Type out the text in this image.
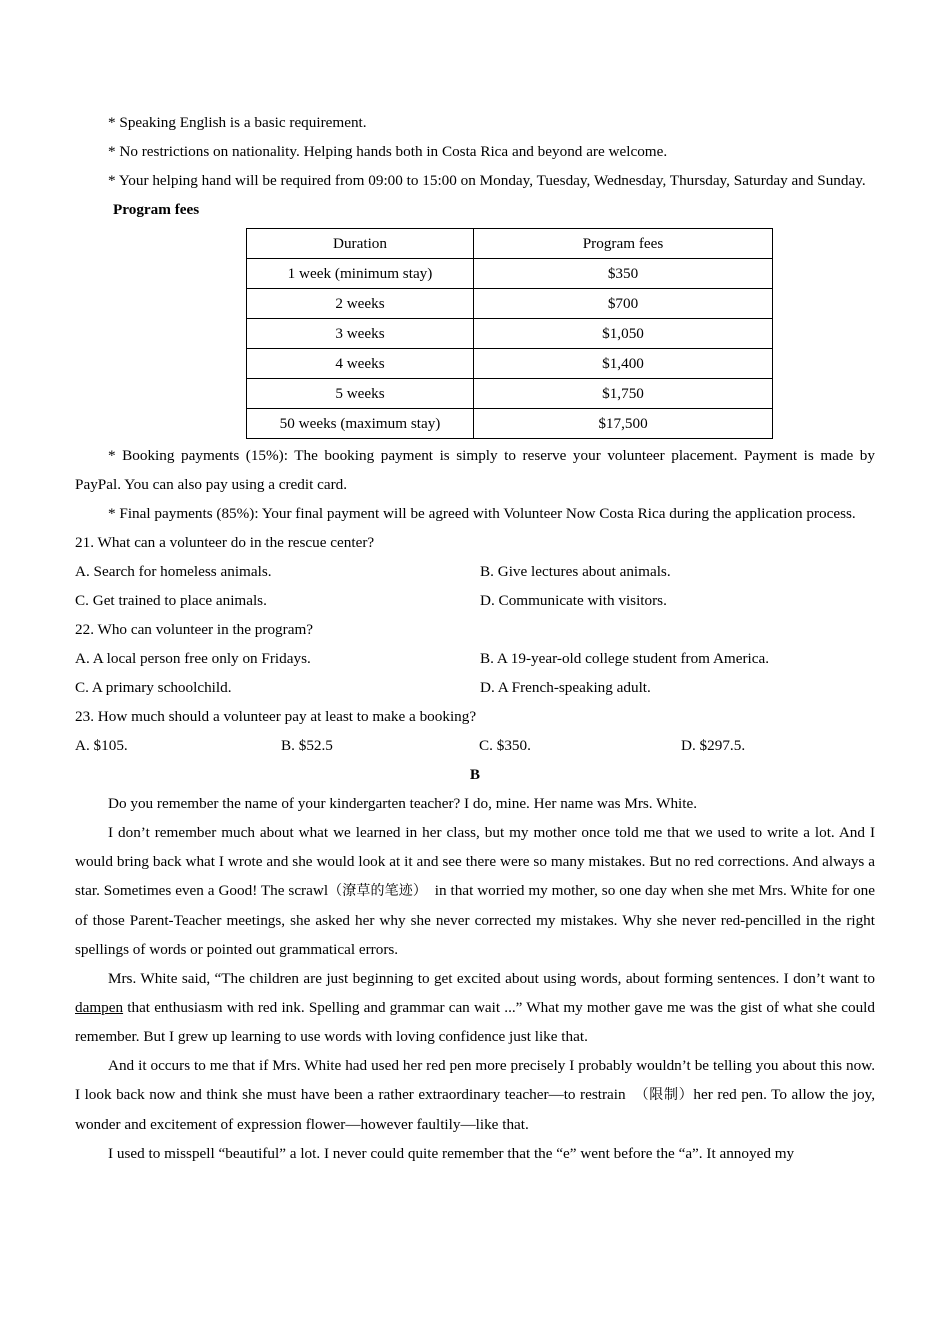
* Speaking English is a basic requirement.

* No restrictions on nationality. Helping hands both in Costa Rica and beyond are welcome.

* Your helping hand will be required from 09:00 to 15:00 on Monday, Tuesday, Wednesday, Thursday, Saturday and Sunday.

Program fees

Duration	Program fees
1 week (minimum stay)	$350
2 weeks	$700
3 weeks	$1,050
4 weeks	$1,400
5 weeks	$1,750
50 weeks (maximum stay)	$17,500

* Booking payments (15%): The booking payment is simply to reserve your volunteer placement. Payment is made by PayPal. You can also pay using a credit card.

* Final payments (85%): Your final payment will be agreed with Volunteer Now Costa Rica during the application process.

21. What can a volunteer do in the rescue center?

A. Search for homeless animals.	B. Give lectures about animals.
C. Get trained to place animals.	D. Communicate with visitors.

22. Who can volunteer in the program?

A. A local person free only on Fridays.	B. A 19-year-old college student from America.
C. A primary schoolchild.	D. A French-speaking adult.

23. How much should a volunteer pay at least to make a booking?

A. $105.	B. $52.5	C. $350.	D. $297.5.

B

Do you remember the name of your kindergarten teacher? I do, mine. Her name was Mrs. White.

I don’t remember much about what we learned in her class, but my mother once told me that we used to write a lot. And I would bring back what I wrote and she would look at it and see there were so many mistakes. But no red corrections. And always a star. Sometimes even a Good! The scrawl（潦草的笔迹） in that worried my mother, so one day when she met Mrs. White for one of those Parent-Teacher meetings, she asked her why she never corrected my mistakes. Why she never red-pencilled in the right spellings of words or pointed out grammatical errors.

Mrs. White said, “The children are just beginning to get excited about using words, about forming sentences. I don’t want to dampen that enthusiasm with red ink. Spelling and grammar can wait ...” What my mother gave me was the gist of what she could remember. But I grew up learning to use words with loving confidence just like that.

And it occurs to me that if Mrs. White had used her red pen more precisely I probably wouldn’t be telling you about this now. I look back now and think she must have been a rather extraordinary teacher—to restrain （限制）her red pen. To allow the joy, wonder and excitement of expression flower—however faultily—like that.

I used to misspell “beautiful” a lot. I never could quite remember that the “e” went before the “a”. It annoyed my
